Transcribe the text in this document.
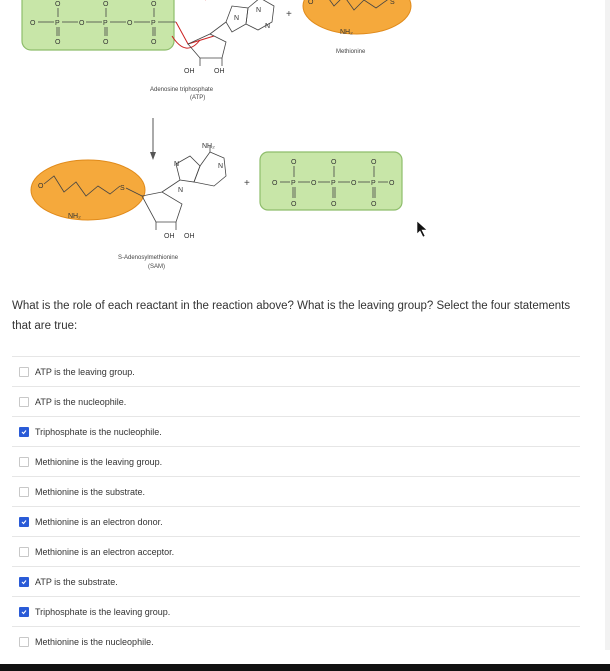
O	P	O	P	O	P
O	O	O
O	O	O
OH	OH
N
N
N
Adenosine triphosphate
(ATP)
+
O	S
NH₂
Methionine
O	S
NH₂
NH₂
OH OH
N
N
N
S-Adenosylmethionine
(SAM)
+	O P O P O P O
O	O	O
O	O	O
What is the role of each reactant in the reaction above? What is the leaving group? Select the four statements that are true:
ATP is the leaving group.
ATP is the nucleophile.
Triphosphate is the nucleophile.
Methionine is the leaving group.
Methionine is the substrate.
Methionine is an electron donor.
Methionine is an electron acceptor.
ATP is the substrate.
Triphosphate is the leaving group.
Methionine is the nucleophile.
